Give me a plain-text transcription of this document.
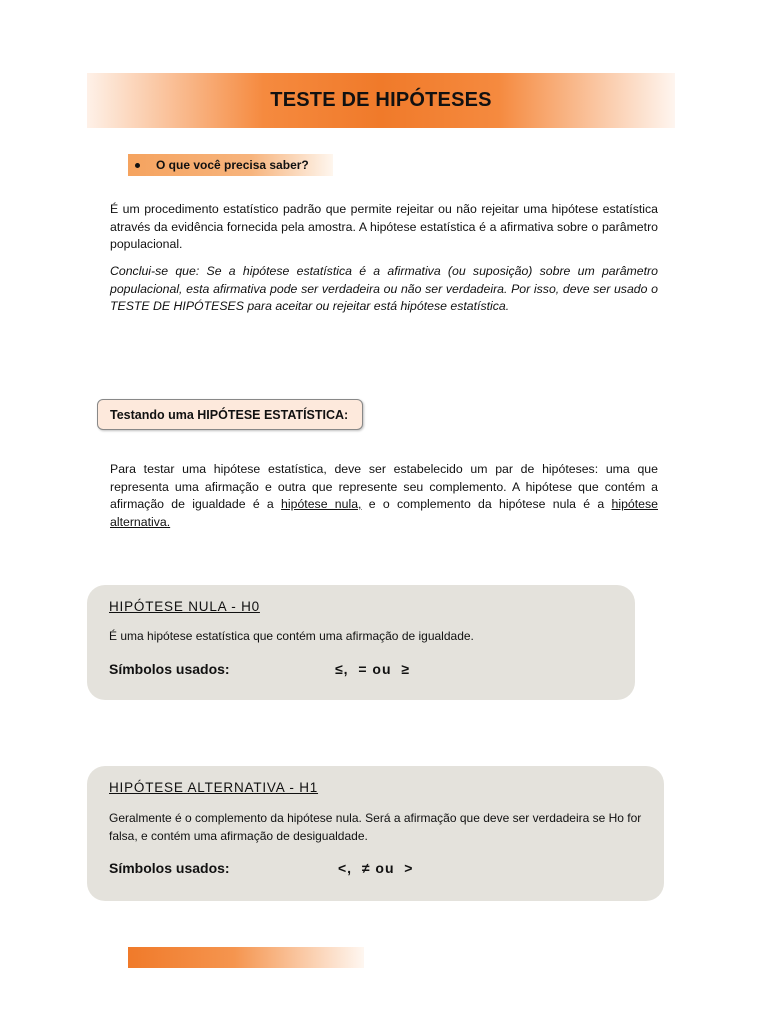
TESTE DE HIPÓTESES
O que você precisa saber?

É um procedimento estatístico padrão que permite rejeitar ou não rejeitar uma hipótese estatística através da evidência fornecida pela amostra. A hipótese estatística é a afirmativa sobre o parâmetro populacional.

Conclui-se que: Se a hipótese estatística é a afirmativa (ou suposição) sobre um parâmetro populacional, esta afirmativa pode ser verdadeira ou não ser verdadeira. Por isso, deve ser usado o TESTE DE HIPÓTESES para aceitar ou rejeitar está hipótese estatística.

Testando uma HIPÓTESE ESTATÍSTICA:

Para testar uma hipótese estatística, deve ser estabelecido um par de hipóteses: uma que representa uma afirmação e outra que represente seu complemento. A hipótese que contém a afirmação de igualdade é a hipótese nula, e o complemento da hipótese nula é a hipótese alternativa.

HIPÓTESE NULA - H0

É uma hipótese estatística que contém uma afirmação de igualdade.

Símbolos usados:	≤,  = ou  ≥

HIPÓTESE ALTERNATIVA - H1

Geralmente é o complemento da hipótese nula. Será a afirmação que deve ser verdadeira se Ho for falsa, e contém uma afirmação de desigualdade.

Símbolos usados:	<,  ≠ ou  >
